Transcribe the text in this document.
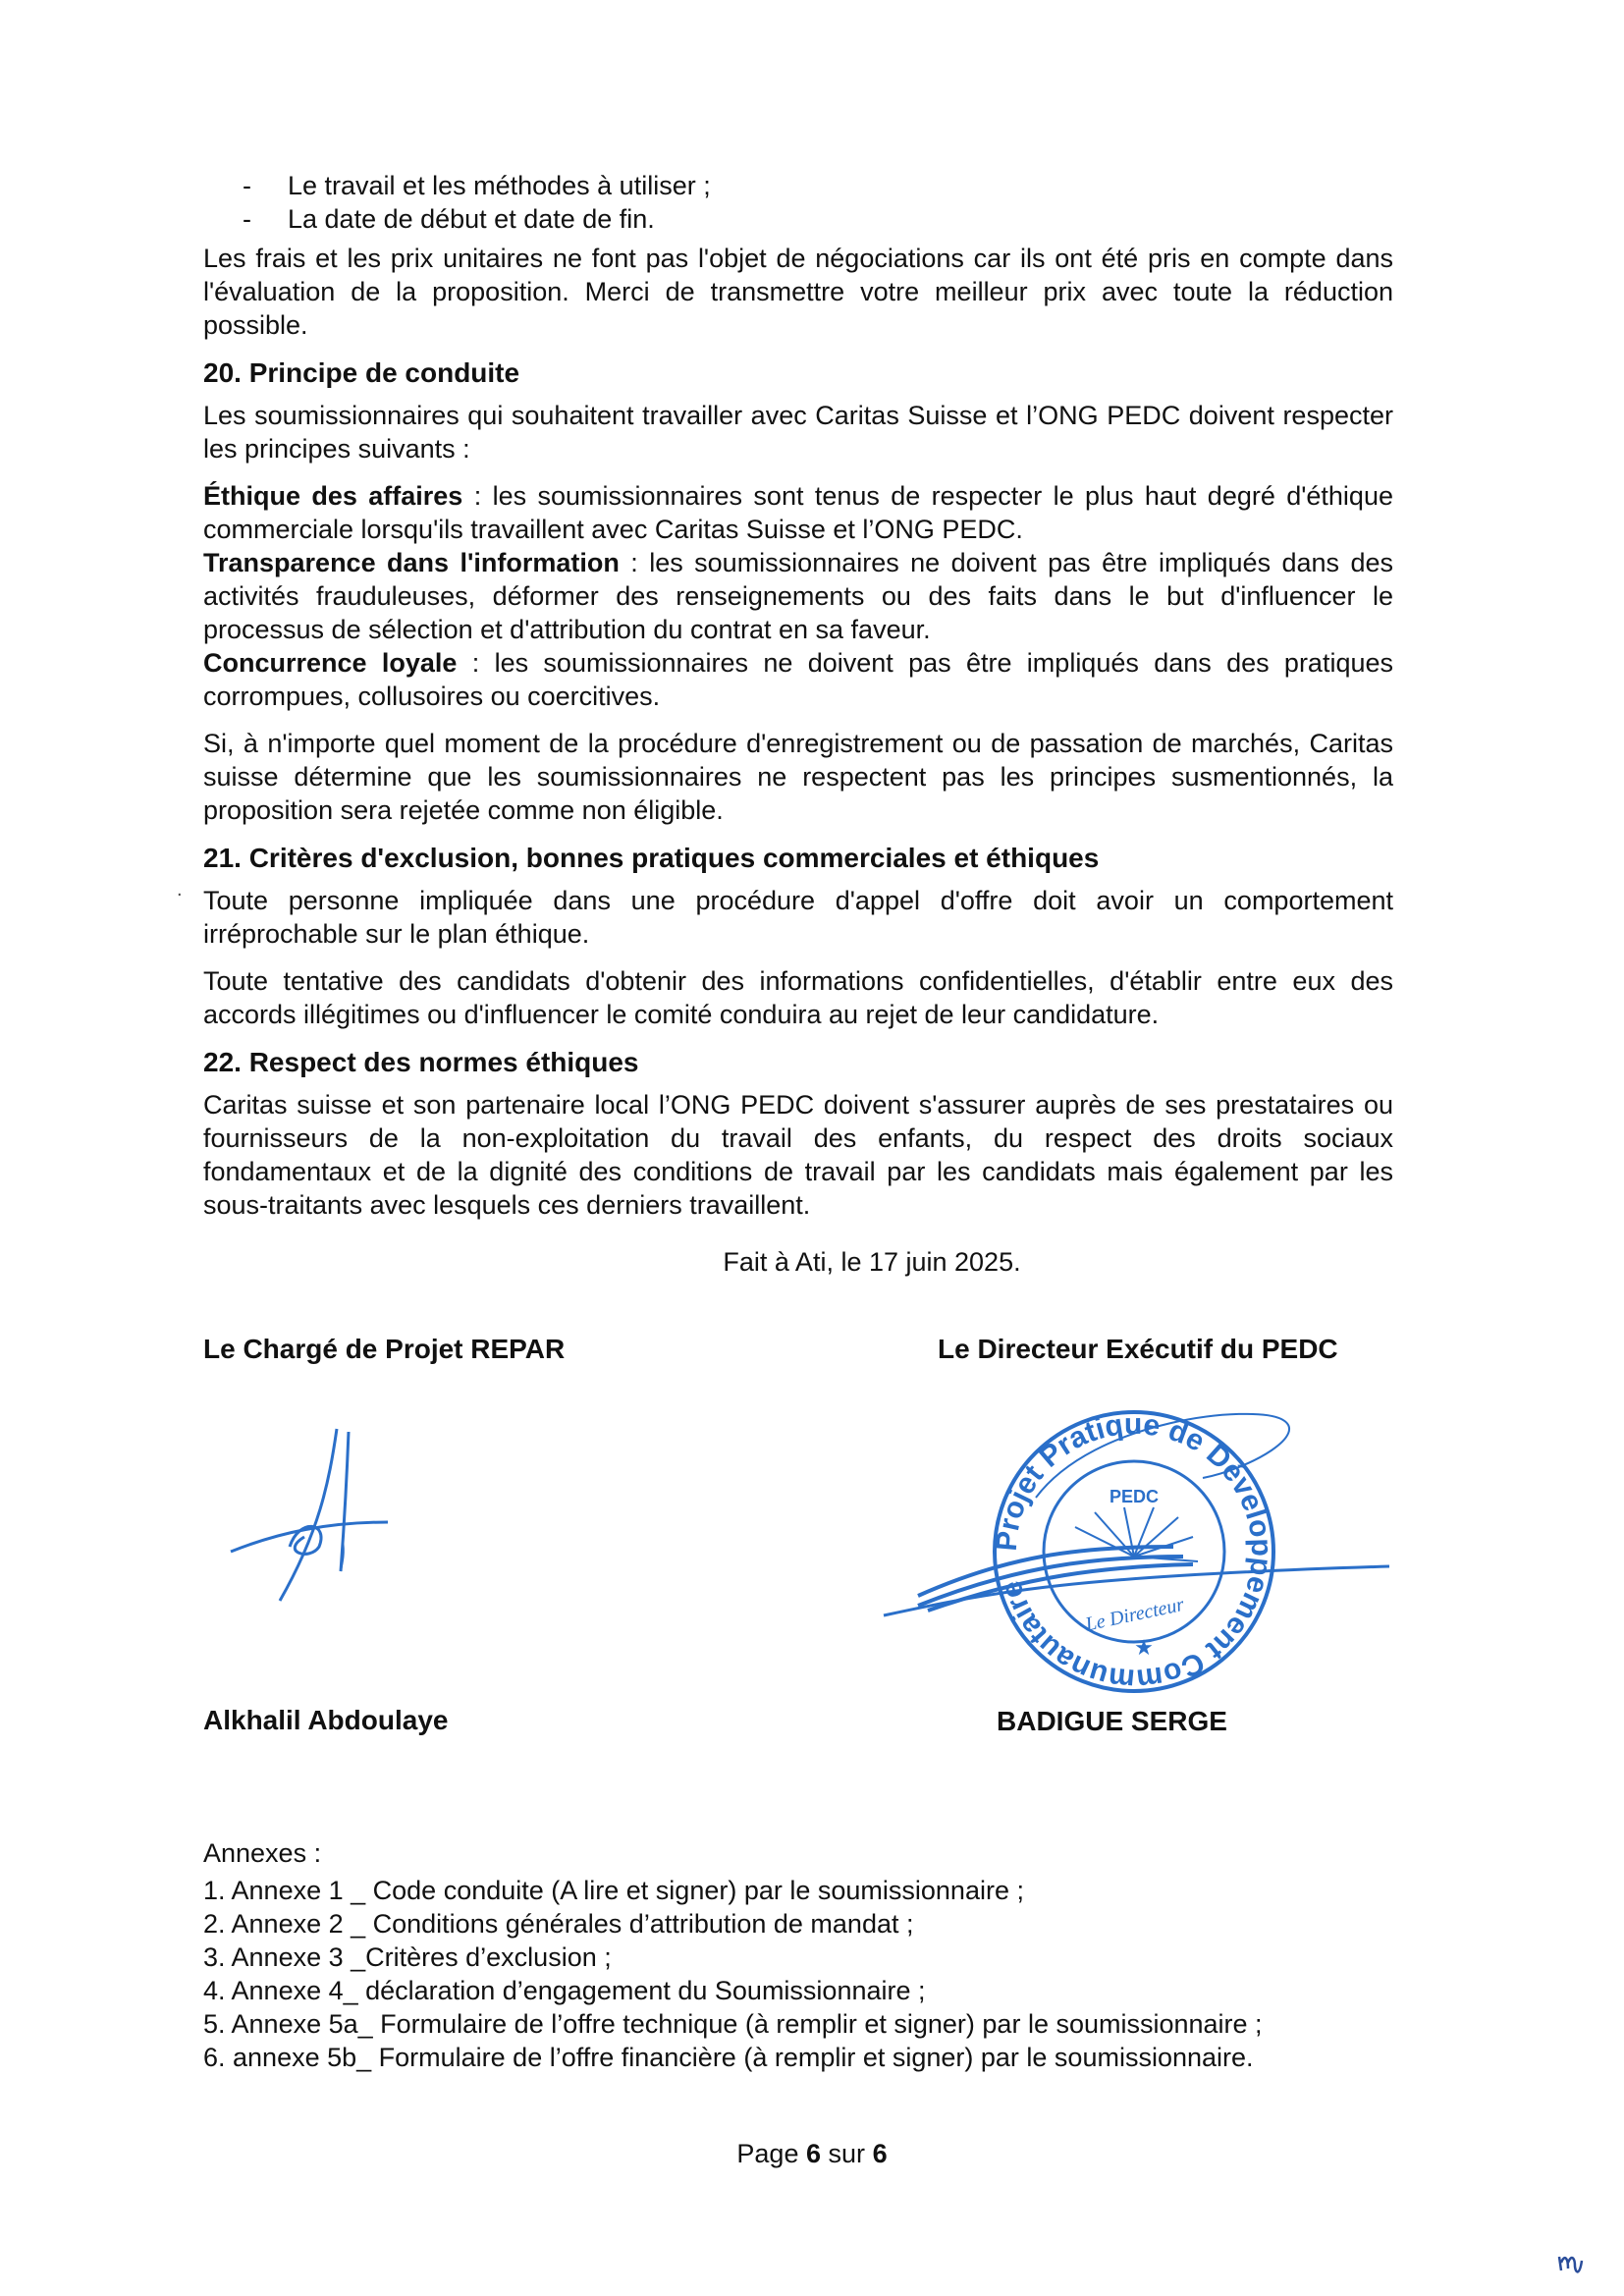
.
- Le travail et les méthodes à utiliser ;
- La date de début et date de fin.

Les frais et les prix unitaires ne font pas l'objet de négociations car ils ont été pris en compte dans l'évaluation de la proposition. Merci de transmettre votre meilleur prix avec toute la réduction possible.

20. Principe de conduite

Les soumissionnaires qui souhaitent travailler avec Caritas Suisse et l’ONG PEDC doivent respecter les principes suivants :

Éthique des affaires : les soumissionnaires sont tenus de respecter le plus haut degré d'éthique commerciale lorsqu'ils travaillent avec Caritas Suisse et l’ONG PEDC.

Transparence dans l'information : les soumissionnaires ne doivent pas être impliqués dans des activités frauduleuses, déformer des renseignements ou des faits dans le but d'influencer le processus de sélection et d'attribution du contrat en sa faveur.

Concurrence loyale : les soumissionnaires ne doivent pas être impliqués dans des pratiques corrompues, collusoires ou coercitives.

Si, à n'importe quel moment de la procédure d'enregistrement ou de passation de marchés, Caritas suisse détermine que les soumissionnaires ne respectent pas les principes susmentionnés, la proposition sera rejetée comme non éligible.

21. Critères d'exclusion, bonnes pratiques commerciales et éthiques

Toute personne impliquée dans une procédure d'appel d'offre doit avoir un comportement irréprochable sur le plan éthique.

Toute tentative des candidats d'obtenir des informations confidentielles, d'établir entre eux des accords illégitimes ou d'influencer le comité conduira au rejet de leur candidature.

22. Respect des normes éthiques

Caritas suisse et son partenaire local l’ONG PEDC doivent s'assurer auprès de ses prestataires ou fournisseurs de la non-exploitation du travail des enfants, du respect des droits sociaux fondamentaux et de la dignité des conditions de travail par les candidats mais également par les sous-traitants avec lesquels ces derniers travaillent.

Fait à Ati, le 17 juin 2025.

Le Chargé de Projet REPAR	Le Directeur Exécutif du PEDC
Projet Pratique de Développement Communautaire
PEDC
Le Directeur
★
Alkhalil Abdoulaye	BADIGUE SERGE
Annexes :
1. Annexe 1 _ Code conduite (A lire et signer) par le soumissionnaire ;
2. Annexe 2 _ Conditions générales d’attribution de mandat ;
3. Annexe 3 _Critères d’exclusion ;
4. Annexe 4_ déclaration d’engagement du Soumissionnaire ;
5. Annexe 5a_ Formulaire de l’offre technique (à remplir et signer) par le soumissionnaire ;
6. annexe 5b_ Formulaire de l’offre financière (à remplir et signer) par le soumissionnaire.
Page 6 sur 6
